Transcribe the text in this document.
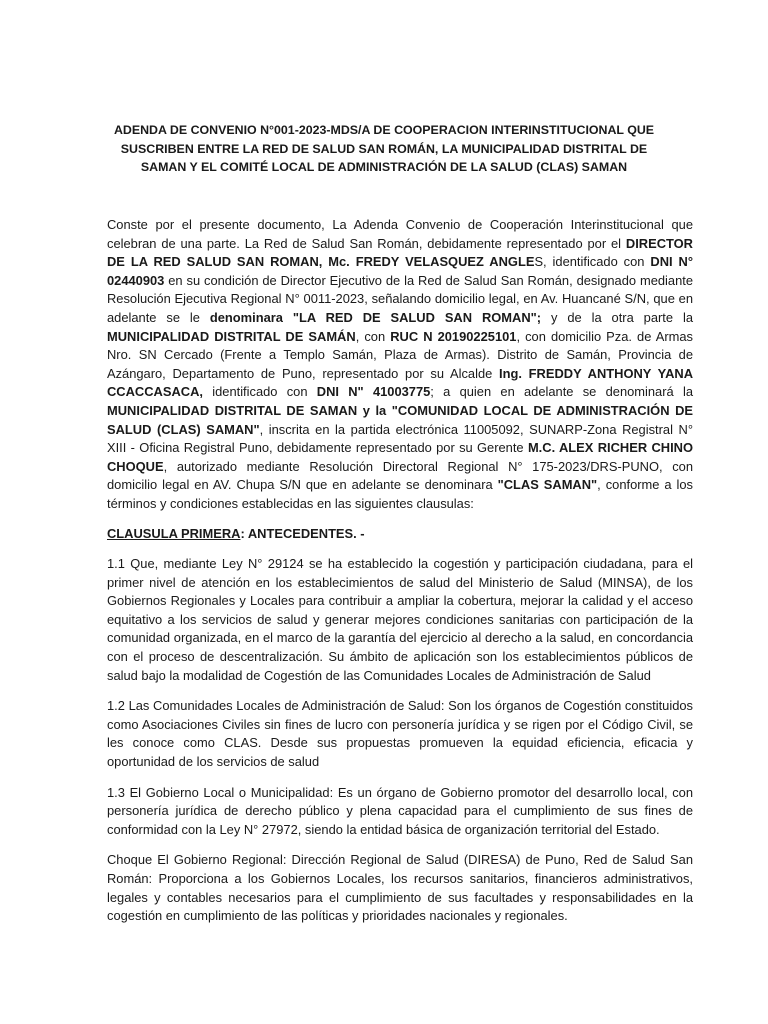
ADENDA DE CONVENIO N°001-2023-MDS/A DE COOPERACION INTERINSTITUCIONAL QUE SUSCRIBEN ENTRE LA RED DE SALUD SAN ROMÁN, LA MUNICIPALIDAD DISTRITAL DE SAMAN Y EL COMITÉ LOCAL DE ADMINISTRACIÓN DE LA SALUD (CLAS) SAMAN

Conste por el presente documento, La Adenda Convenio de Cooperación Interinstitucional que celebran de una parte. La Red de Salud San Román, debidamente representado por el DIRECTOR DE LA RED SALUD SAN ROMAN, Mc. FREDY VELASQUEZ ANGLES, identificado con DNI N° 02440903 en su condición de Director Ejecutivo de la Red de Salud San Román, designado mediante Resolución Ejecutiva Regional N° 0011-2023, señalando domicilio legal, en Av. Huancané S/N, que en adelante se le denominara "LA RED DE SALUD SAN ROMAN"; y de la otra parte la MUNICIPALIDAD DISTRITAL DE SAMÁN, con RUC N 20190225101, con domicilio Pza. de Armas Nro. SN Cercado (Frente a Templo Samán, Plaza de Armas). Distrito de Samán, Provincia de Azángaro, Departamento de Puno, representado por su Alcalde Ing. FREDDY ANTHONY YANA CCACCASACA, identificado con DNI N" 41003775; a quien en adelante se denominará la MUNICIPALIDAD DISTRITAL DE SAMAN y la "COMUNIDAD LOCAL DE ADMINISTRACIÓN DE SALUD (CLAS) SAMAN", inscrita en la partida electrónica 11005092, SUNARP-Zona Registral N° XIII - Oficina Registral Puno, debidamente representado por su Gerente M.C. ALEX RICHER CHINO CHOQUE, autorizado mediante Resolución Directoral Regional N° 175-2023/DRS-PUNO, con domicilio legal en AV. Chupa S/N que en adelante se denominara "CLAS SAMAN", conforme a los términos y condiciones establecidas en las siguientes clausulas:

CLAUSULA PRIMERA: ANTECEDENTES. -

1.1 Que, mediante Ley N° 29124 se ha establecido la cogestión y participación ciudadana, para el primer nivel de atención en los establecimientos de salud del Ministerio de Salud (MINSA), de los Gobiernos Regionales y Locales para contribuir a ampliar la cobertura, mejorar la calidad y el acceso equitativo a los servicios de salud y generar mejores condiciones sanitarias con participación de la comunidad organizada, en el marco de la garantía del ejercicio al derecho a la salud, en concordancia con el proceso de descentralización. Su ámbito de aplicación son los establecimientos públicos de salud bajo la modalidad de Cogestión de las Comunidades Locales de Administración de Salud

1.2 Las Comunidades Locales de Administración de Salud: Son los órganos de Cogestión constituidos como Asociaciones Civiles sin fines de lucro con personería jurídica y se rigen por el Código Civil, se les conoce como CLAS. Desde sus propuestas promueven la equidad eficiencia, eficacia y oportunidad de los servicios de salud

1.3 El Gobierno Local o Municipalidad: Es un órgano de Gobierno promotor del desarrollo local, con personería jurídica de derecho público y plena capacidad para el cumplimiento de sus fines de conformidad con la Ley N° 27972, siendo la entidad básica de organización territorial del Estado.

Choque El Gobierno Regional: Dirección Regional de Salud (DIRESA) de Puno, Red de Salud San Román: Proporciona a los Gobiernos Locales, los recursos sanitarios, financieros administrativos, legales y contables necesarios para el cumplimiento de sus facultades y responsabilidades en la cogestión en cumplimiento de las políticas y prioridades nacionales y regionales.
